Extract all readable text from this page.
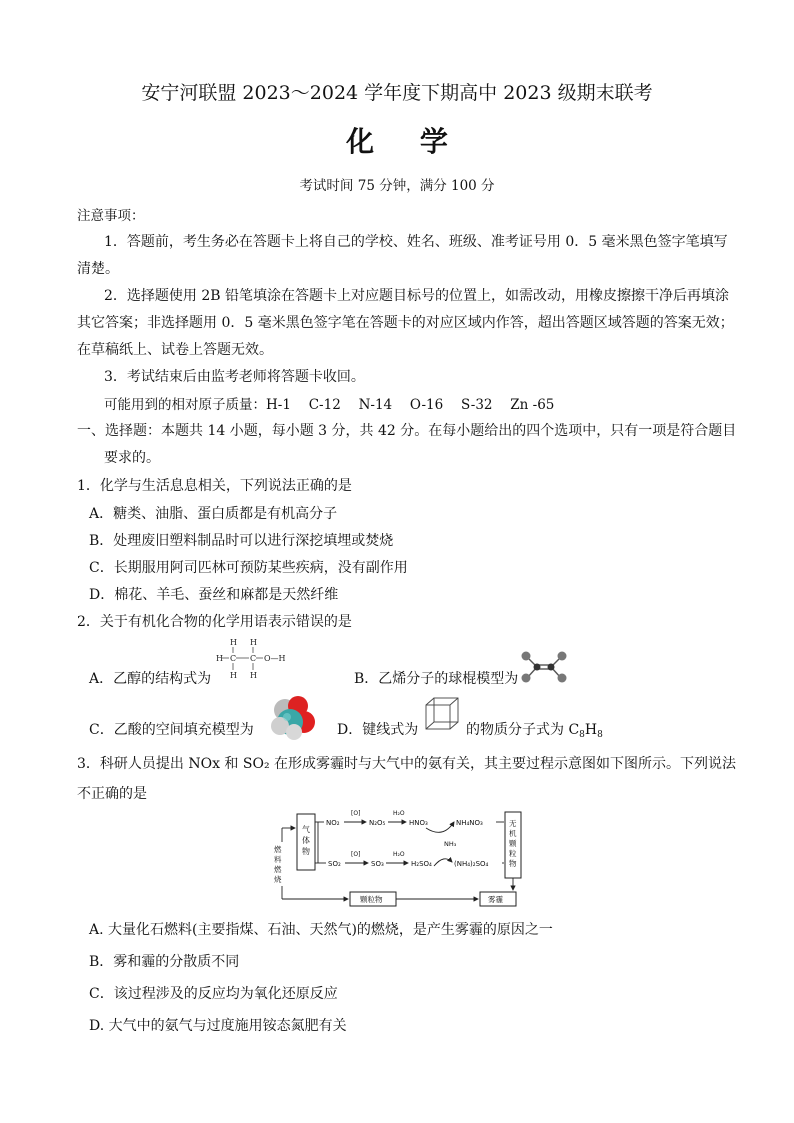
安宁河联盟 2023～2024 学年度下期高中 2023 级期末联考
化 学
考试时间 75 分钟，满分 100 分
注意事项：
1．答题前，考生务必在答题卡上将自己的学校、姓名、班级、准考证号用 0．5 毫米黑色签字笔填写
清楚。
2．选择题使用 2B 铅笔填涂在答题卡上对应题目标号的位置上，如需改动，用橡皮擦擦干净后再填涂
其它答案；非选择题用 0．5 毫米黑色签字笔在答题卡的对应区域内作答，超出答题区域答题的答案无效；
在草稿纸上、试卷上答题无效。
3．考试结束后由监考老师将答题卡收回。
可能用到的相对原子质量：H-1　 C-12　 N-14　 O-16　 S-32　 Zn -65
一、选择题：本题共 14 小题，每小题 3 分，共 42 分。在每小题给出的四个选项中，只有一项是符合题目
要求的。
1．化学与生活息息相关，下列说法正确的是
A．糖类、油脂、蛋白质都是有机高分子
B．处理废旧塑料制品时可以进行深挖填埋或焚烧
C．长期服用阿司匹林可预防某些疾病，没有副作用
D．棉花、羊毛、蚕丝和麻都是天然纤维
2．关于有机化合物的化学用语表示错误的是
A．乙醇的结构式为
H H
H C C O—H
H H	B．乙烯分子的球棍模型为
C．乙酸的空间填充模型为	D．键线式为	的物质分子式为 $C_8H_8$
3．科研人员提出 NOx 和 SO₂ 在形成雾霾时与大气中的氨有关，其主要过程示意图如下图所示。下列说法
不正确的是
气
体
物
无
机
颗
粒
物
燃
料
燃
烧
颗粒物	雾霾
NO₂	N₂O₅	HNO₃	NH₄NO₃
[O]	H₂O
SO₂	SO₃	H₂SO₄	(NH₄)₂SO₄
[O]	H₂O
NH₃
A. 大量化石燃料(主要指煤、石油、天然气)的燃烧，是产生雾霾的原因之一
B．雾和霾的分散质不同
C．该过程涉及的反应均为氧化还原反应
D. 大气中的氨气与过度施用铵态氮肥有关
